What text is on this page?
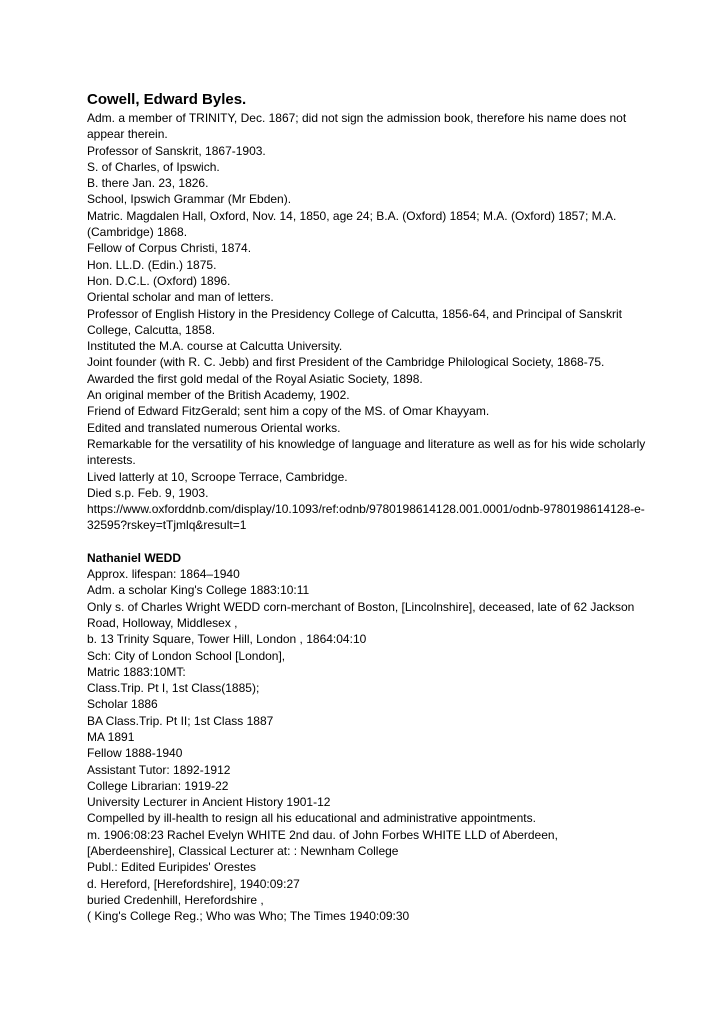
Cowell, Edward Byles.
Adm. a member of TRINITY, Dec. 1867; did not sign the admission book, therefore his name does not appear therein.
Professor of Sanskrit, 1867-1903.
S. of Charles, of Ipswich.
B. there Jan. 23, 1826.
School, Ipswich Grammar (Mr Ebden).
Matric. Magdalen Hall, Oxford, Nov. 14, 1850, age 24; B.A. (Oxford) 1854; M.A. (Oxford) 1857; M.A. (Cambridge) 1868.
Fellow of Corpus Christi, 1874.
Hon. LL.D. (Edin.) 1875.
Hon. D.C.L. (Oxford) 1896.
Oriental scholar and man of letters.
Professor of English History in the Presidency College of Calcutta, 1856-64, and Principal of Sanskrit College, Calcutta, 1858.
Instituted the M.A. course at Calcutta University.
Joint founder (with R. C. Jebb) and first President of the Cambridge Philological Society, 1868-75.
Awarded the first gold medal of the Royal Asiatic Society, 1898.
An original member of the British Academy, 1902.
Friend of Edward FitzGerald; sent him a copy of the MS. of Omar Khayyam.
Edited and translated numerous Oriental works.
Remarkable for the versatility of his knowledge of language and literature as well as for his wide scholarly interests.
Lived latterly at 10, Scroope Terrace, Cambridge.
Died s.p. Feb. 9, 1903.
https://www.oxforddnb.com/display/10.1093/ref:odnb/9780198614128.001.0001/odnb-9780198614128-e-32595?rskey=tTjmlq&result=1
Nathaniel WEDD
Approx. lifespan: 1864–1940
Adm. a scholar King's College 1883:10:11
Only s. of Charles Wright WEDD corn-merchant of Boston, [Lincolnshire], deceased, late of 62 Jackson Road, Holloway, Middlesex ,
b. 13 Trinity Square, Tower Hill, London , 1864:04:10
Sch: City of London School [London],
Matric 1883:10MT:
Class.Trip. Pt I, 1st Class(1885);
Scholar 1886
BA Class.Trip. Pt II; 1st Class 1887
MA 1891
Fellow 1888-1940
Assistant Tutor: 1892-1912
College Librarian: 1919-22
University Lecturer in Ancient History 1901-12
Compelled by ill-health to resign all his educational and administrative appointments.
m. 1906:08:23 Rachel Evelyn WHITE 2nd dau. of John Forbes WHITE LLD of Aberdeen, [Aberdeenshire], Classical Lecturer at: : Newnham College
Publ.: Edited Euripides' Orestes
d. Hereford, [Herefordshire], 1940:09:27
buried Credenhill, Herefordshire ,
( King's College Reg.; Who was Who; The Times 1940:09:30
